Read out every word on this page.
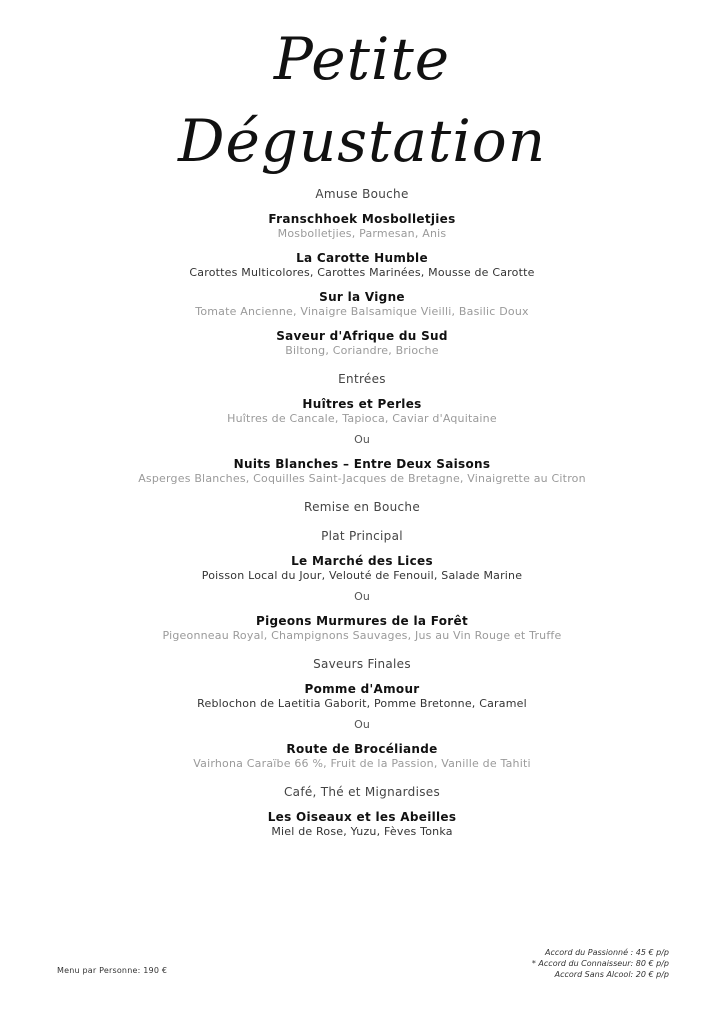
Petite
Dégustation
Amuse Bouche
Franschhoek Mosbolletjies
Mosbolletjies, Parmesan, Anis
La Carotte Humble
Carottes Multicolores, Carottes Marinées, Mousse de Carotte
Sur la Vigne
Tomate Ancienne, Vinaigre Balsamique Vieilli, Basilic Doux
Saveur d'Afrique du Sud
Biltong, Coriandre, Brioche
Entrées
Huîtres et Perles
Huîtres de Cancale, Tapioca, Caviar d'Aquitaine
Ou
Nuits Blanches – Entre Deux Saisons
Asperges Blanches, Coquilles Saint-Jacques de Bretagne, Vinaigrette au Citron
Remise en Bouche
Plat Principal
Le Marché des Lices
Poisson Local du Jour, Velouté de Fenouil, Salade Marine
Ou
Pigeons Murmures de la Forêt
Pigeonneau Royal, Champignons Sauvages, Jus au Vin Rouge et Truffe
Saveurs Finales
Pomme d'Amour
Reblochon de Laetitia Gaborit, Pomme Bretonne, Caramel
Ou
Route de Brocéliande
Vairhona Caraïbe 66 %, Fruit de la Passion, Vanille de Tahiti
Café, Thé et Mignardises
Les Oiseaux et les Abeilles
Miel de Rose, Yuzu, Fèves Tonka
Menu par Personne: 190 €
Accord du Passionné : 45 € p/p
* Accord du Connaisseur: 80 € p/p
Accord Sans Alcool: 20 € p/p
